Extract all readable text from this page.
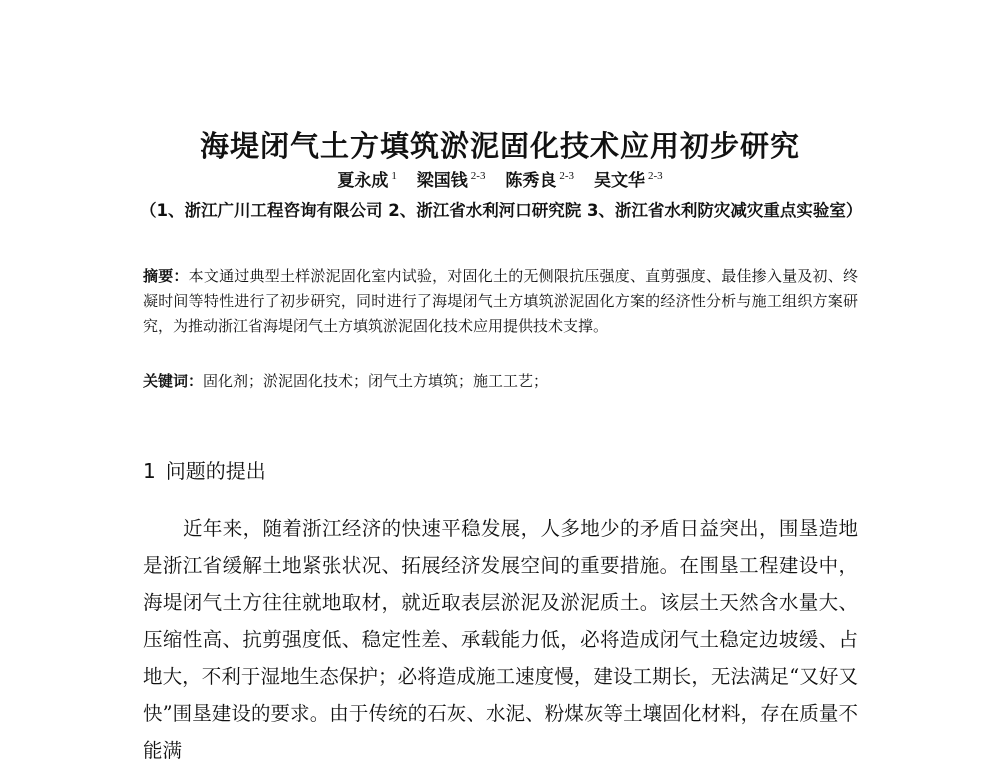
海堤闭气土方填筑淤泥固化技术应用初步研究
夏永成 $^1$ 梁国钱 $^{2-3}$ 陈秀良 $^{2-3}$ 吴文华 $^{2-3}$
（1、浙江广川工程咨询有限公司 2、浙江省水利河口研究院 3、浙江省水利防灾减灾重点实验室）
摘要：本文通过典型土样淤泥固化室内试验，对固化土的无侧限抗压强度、直剪强度、最佳掺入量及初、终凝时间等特性进行了初步研究，同时进行了海堤闭气土方填筑淤泥固化方案的经济性分析与施工组织方案研究，为推动浙江省海堤闭气土方填筑淤泥固化技术应用提供技术支撑。
关键词：固化剂；淤泥固化技术；闭气土方填筑；施工工艺；
1 问题的提出
近年来，随着浙江经济的快速平稳发展，人多地少的矛盾日益突出，围垦造地是浙江省缓解土地紧张状况、拓展经济发展空间的重要措施。在围垦工程建设中，海堤闭气土方往往就地取材，就近取表层淤泥及淤泥质土。该层土天然含水量大、压缩性高、抗剪强度低、稳定性差、承载能力低，必将造成闭气土稳定边坡缓、占地大，不利于湿地生态保护；必将造成施工速度慢，建设工期长，无法满足“又好又快”围垦建设的要求。由于传统的石灰、水泥、粉煤灰等土壤固化材料，存在质量不能满
